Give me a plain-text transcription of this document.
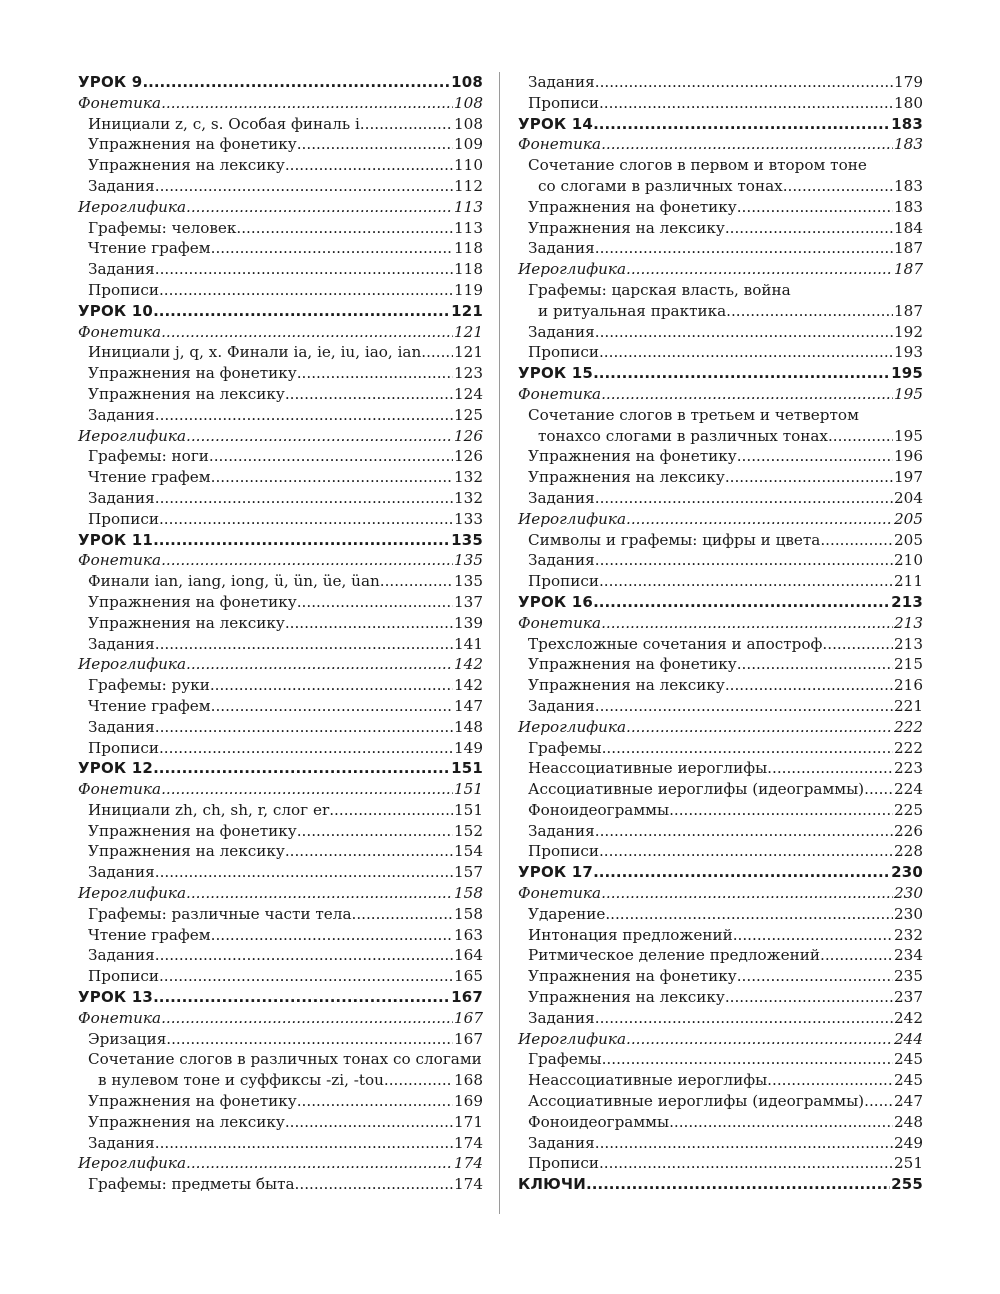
УРОК 9 .....	108
Фонетика .....	108
Инициали z, c, s. Особая финаль i .....	108
Упражнения на фонетику .....	109
Упражнения на лексику .....	110
Задания .....	112
Иероглифика .....	113
Графемы: человек .....	113
Чтение графем .....	118
Задания .....	118
Прописи .....	119
УРОК 10 .....	121
Фонетика .....	121
Инициали j, q, x. Финали ia, ie, iu, iao, ian ..... 121
Упражнения на фонетику .....	123
Упражнения на лексику .....	124
Задания .....	125
Иероглифика .....	126
Графемы: ноги .....	126
Чтение графем .....	132
Задания .....	132
Прописи .....	133
УРОК 11 .....	135
Фонетика .....	135
Финали ian, iang, iong, ü, ün, üe, üan .....	135
Упражнения на фонетику .....	137
Упражнения на лексику .....	139
Задания .....	141
Иероглифика .....	142
Графемы: руки .....	142
Чтение графем .....	147
Задания .....	148
Прописи .....	149
УРОК 12 .....	151
Фонетика .....	151
Инициали zh, ch, sh, r, слог er .....	151
Упражнения на фонетику .....	152
Упражнения на лексику .....	154
Задания .....	157
Иероглифика .....	158
Графемы: различные части тела .....	158
Чтение графем .....	163
Задания .....	164
Прописи .....	165
УРОК 13 .....	167
Фонетика .....	167
Эризация .....	167
Сочетание слогов в различных тонах со слогами
в нулевом тоне и суффиксы -zi, -tou .....	168
Упражнения на фонетику .....	169
Упражнения на лексику .....	171
Задания .....	174
Иероглифика .....	174
Графемы: предметы быта .....	174
Задания .....	179
Прописи .....	180
УРОК 14 .....	183
Фонетика .....	183
Сочетание слогов в первом и втором тоне
со слогами в различных тонах .....	183
Упражнения на фонетику .....	183
Упражнения на лексику .....	184
Задания .....	187
Иероглифика .....	187
Графемы: царская власть, война
и ритуальная практика .....	187
Задания .....	192
Прописи .....	193
УРОК 15 .....	195
Фонетика .....	195
Сочетание слогов в третьем и четвертом
тонахсо слогами в различных тонах .....	195
Упражнения на фонетику .....	196
Упражнения на лексику .....	197
Задания .....	204
Иероглифика .....	205
Символы и графемы: цифры и цвета .....	205
Задания .....	210
Прописи .....	211
УРОК 16 .....	213
Фонетика .....	213
Трехсложные сочетания и апостроф .....	213
Упражнения на фонетику .....	215
Упражнения на лексику .....	216
Задания .....	221
Иероглифика .....	222
Графемы .....	222
Неассоциативные иероглифы .....	223
Ассоциативные иероглифы (идеограммы) ..... 224
Фоноидеограммы .....	225
Задания .....	226
Прописи .....	228
УРОК 17 .....	230
Фонетика .....	230
Ударение .....	230
Интонация предложений .....	232
Ритмическое деление предложений .....	234
Упражнения на фонетику .....	235
Упражнения на лексику .....	237
Задания .....	242
Иероглифика .....	244
Графемы .....	245
Неассоциативные иероглифы .....	245
Ассоциативные иероглифы (идеограммы) ..... 247
Фоноидеограммы .....	248
Задания .....	249
Прописи .....	251
КЛЮЧИ .....	255
